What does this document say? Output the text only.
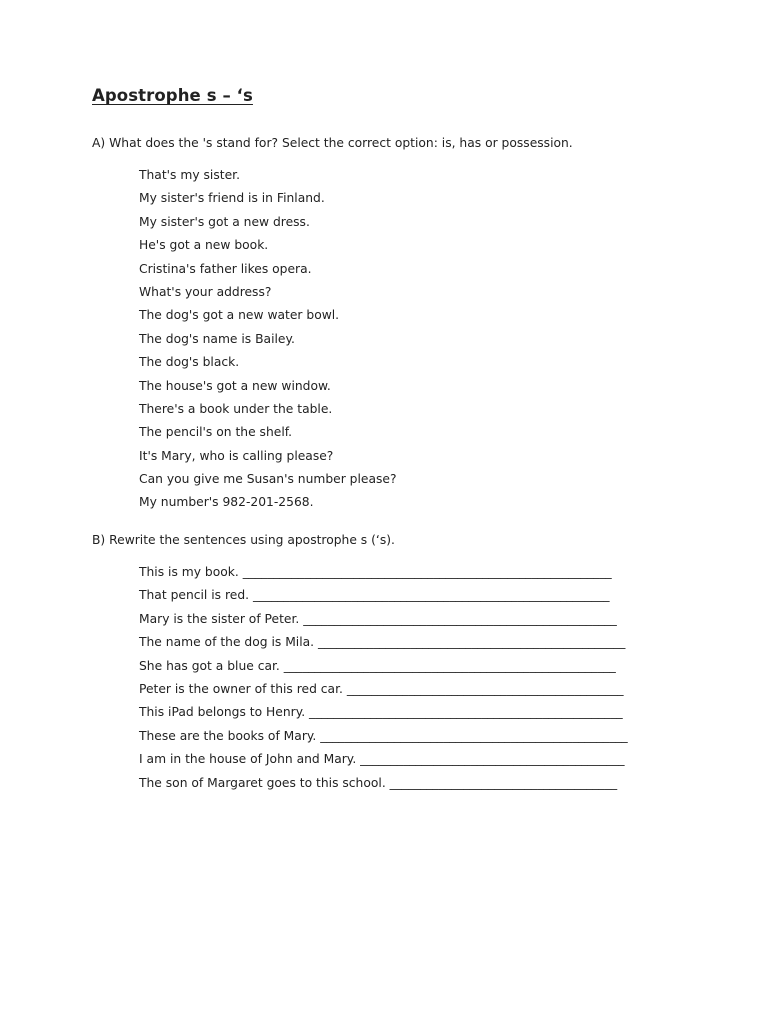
Apostrophe s – ‘s
A) What does the 's stand for? Select the correct option: is, has or possession.
That's my sister.
My sister's friend is in Finland.
My sister's got a new dress.
He's got a new book.
Cristina's father likes opera.
What's your address?
The dog's got a new water bowl.
The dog's name is Bailey.
The dog's black.
The house's got a new window.
There's a book under the table.
The pencil's on the shelf.
It's Mary, who is calling please?
Can you give me Susan's number please?
My number's 982-201-2568.
B) Rewrite the sentences using apostrophe s (‘s).
This is my book. ____________________________________________________________
That pencil is red. __________________________________________________________
Mary is the sister of Peter. ___________________________________________________
The name of the dog is Mila. __________________________________________________
She has got a blue car. ______________________________________________________
Peter is the owner of this red car. _____________________________________________
This iPad belongs to Henry. ___________________________________________________
These are the books of Mary. __________________________________________________
I am in the house of John and Mary. ___________________________________________
The son of Margaret goes to this school. _____________________________________
